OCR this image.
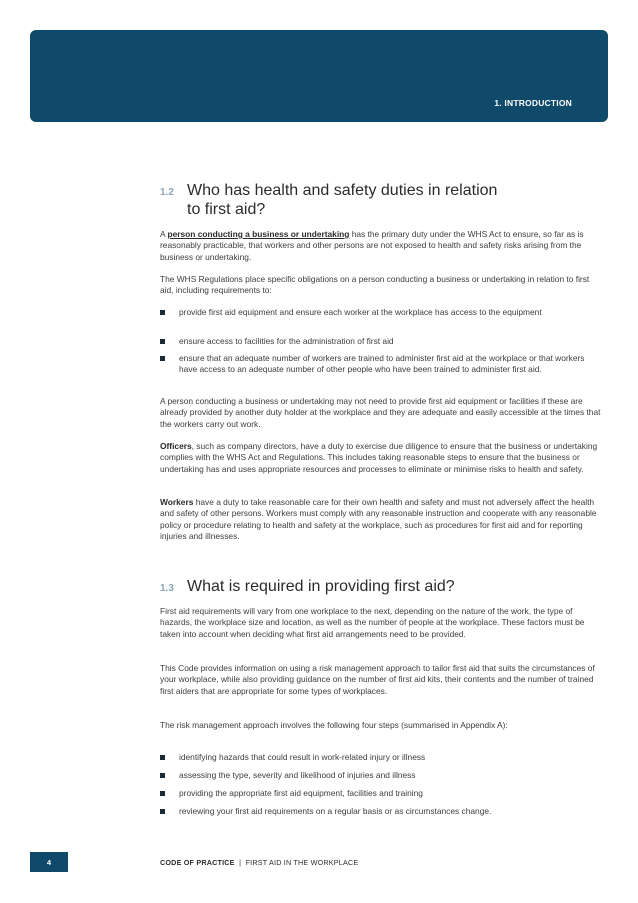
1. INTRODUCTION
1.2 Who has health and safety duties in relation
to first aid?

A person conducting a business or undertaking has the primary duty under the WHS Act to ensure, so far as is reasonably practicable, that workers and other persons are not exposed to health and safety risks arising from the business or undertaking.

The WHS Regulations place specific obligations on a person conducting a business or undertaking in relation to first aid, including requirements to:

provide first aid equipment and ensure each worker at the workplace has access to the equipment
ensure access to facilities for the administration of first aid
ensure that an adequate number of workers are trained to administer first aid at the workplace or that workers have access to an adequate number of other people who have been trained to administer first aid.

A person conducting a business or undertaking may not need to provide first aid equipment or facilities if these are already provided by another duty holder at the workplace and they are adequate and easily accessible at the times that the workers carry out work.

Officers, such as company directors, have a duty to exercise due diligence to ensure that the business or undertaking complies with the WHS Act and Regulations. This includes taking reasonable steps to ensure that the business or undertaking has and uses appropriate resources and processes to eliminate or minimise risks to health and safety.

Workers have a duty to take reasonable care for their own health and safety and must not adversely affect the health and safety of other persons. Workers must comply with any reasonable instruction and cooperate with any reasonable policy or procedure relating to health and safety at the workplace, such as procedures for first aid and for reporting injuries and illnesses.

1.3 What is required in providing first aid?

First aid requirements will vary from one workplace to the next, depending on the nature of the work, the type of hazards, the workplace size and location, as well as the number of people at the workplace. These factors must be taken into account when deciding what first aid arrangements need to be provided.

This Code provides information on using a risk management approach to tailor first aid that suits the circumstances of your workplace, while also providing guidance on the number of first aid kits, their contents and the number of trained first aiders that are appropriate for some types of workplaces.

The risk management approach involves the following four steps (summarised in Appendix A):

identifying hazards that could result in work-related injury or illness
assessing the type, severity and likelihood of injuries and illness
providing the appropriate first aid equipment, facilities and training
reviewing your first aid requirements on a regular basis or as circumstances change.
4	CODE OF PRACTICE | FIRST AID IN THE WORKPLACE
